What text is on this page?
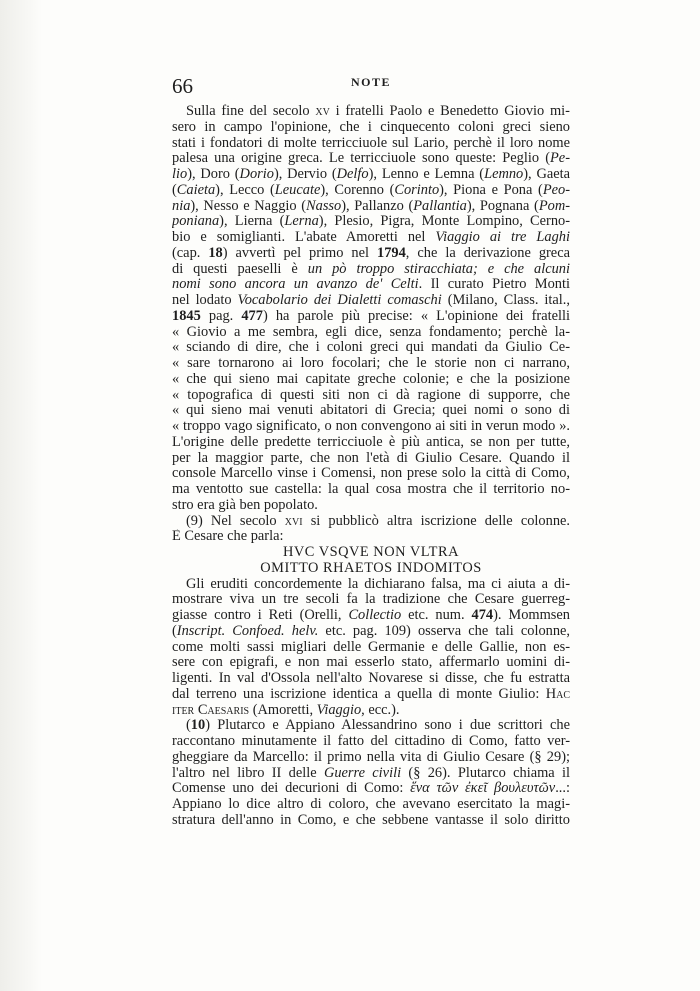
66	NOTE
Sulla fine del secolo xv i fratelli Paolo e Benedetto Giovio mi-
sero in campo l'opinione, che i cinquecento coloni greci sieno
stati i fondatori di molte terricciuole sul Lario, perchè il loro nome
palesa una origine greca. Le terricciuole sono queste: Peglio (Pe-
lio), Doro (Dorio), Dervio (Delfo), Lenno e Lemna (Lemno), Gaeta
(Caieta), Lecco (Leucate), Corenno (Corinto), Piona e Pona (Peo-
nia), Nesso e Naggio (Nasso), Pallanzo (Pallantia), Pognana (Pom-
poniana), Lierna (Lerna), Plesio, Pigra, Monte Lompino, Cerno-
bio e somiglianti. L'abate Amoretti nel Viaggio ai tre Laghi
(cap. 18) avvertì pel primo nel 1794, che la derivazione greca
di questi paeselli è un pò troppo stiracchiata; e che alcuni
nomi sono ancora un avanzo de' Celti. Il curato Pietro Monti
nel lodato Vocabolario dei Dialetti comaschi (Milano, Class. ital.,
1845 pag. 477) ha parole più precise: « L'opinione dei fratelli
« Giovio a me sembra, egli dice, senza fondamento; perchè la-
« sciando di dire, che i coloni greci qui mandati da Giulio Ce-
« sare tornarono ai loro focolari; che le storie non ci narrano,
« che qui sieno mai capitate greche colonie; e che la posizione
« topografica di questi siti non ci dà ragione di supporre, che
« qui sieno mai venuti abitatori di Grecia; quei nomi o sono di
« troppo vago significato, o non convengono ai siti in verun modo ».
L'origine delle predette terricciuole è più antica, se non per tutte,
per la maggior parte, che non l'età di Giulio Cesare. Quando il
console Marcello vinse i Comensi, non prese solo la città di Como,
ma ventotto sue castella: la qual cosa mostra che il territorio no-
stro era già ben popolato.
(9) Nel secolo xvi si pubblicò altra iscrizione delle colonne.
È Cesare che parla:
HVC VSQVE NON VLTRA
OMITTO RHAETOS INDOMITOS
Gli eruditi concordemente la dichiarano falsa, ma ci aiuta a di-
mostrare viva un tre secoli fa la tradizione che Cesare guerreg-
giasse contro i Reti (Orelli, Collectio etc. num. 474). Mommsen
(Inscript. Confoed. helv. etc. pag. 109) osserva che tali colonne,
come molti sassi migliari delle Germanie e delle Gallie, non es-
sere con epigrafi, e non mai esserlo stato, affermarlo uomini di-
ligenti. In val d'Ossola nell'alto Novarese si disse, che fu estratta
dal terreno una iscrizione identica a quella di monte Giulio: Hac
iter Caesaris (Amoretti, Viaggio, ecc.).
(10) Plutarco e Appiano Alessandrino sono i due scrittori che
raccontano minutamente il fatto del cittadino di Como, fatto ver-
gheggiare da Marcello: il primo nella vita di Giulio Cesare (§ 29);
l'altro nel libro II delle Guerre civili (§ 26). Plutarco chiama il
Comense uno dei decurioni di Como: ἕνα τῶν ἐκεῖ βουλευτῶν...:
Appiano lo dice altro di coloro, che avevano esercitato la magi-
stratura dell'anno in Como, e che sebbene vantasse il solo diritto
